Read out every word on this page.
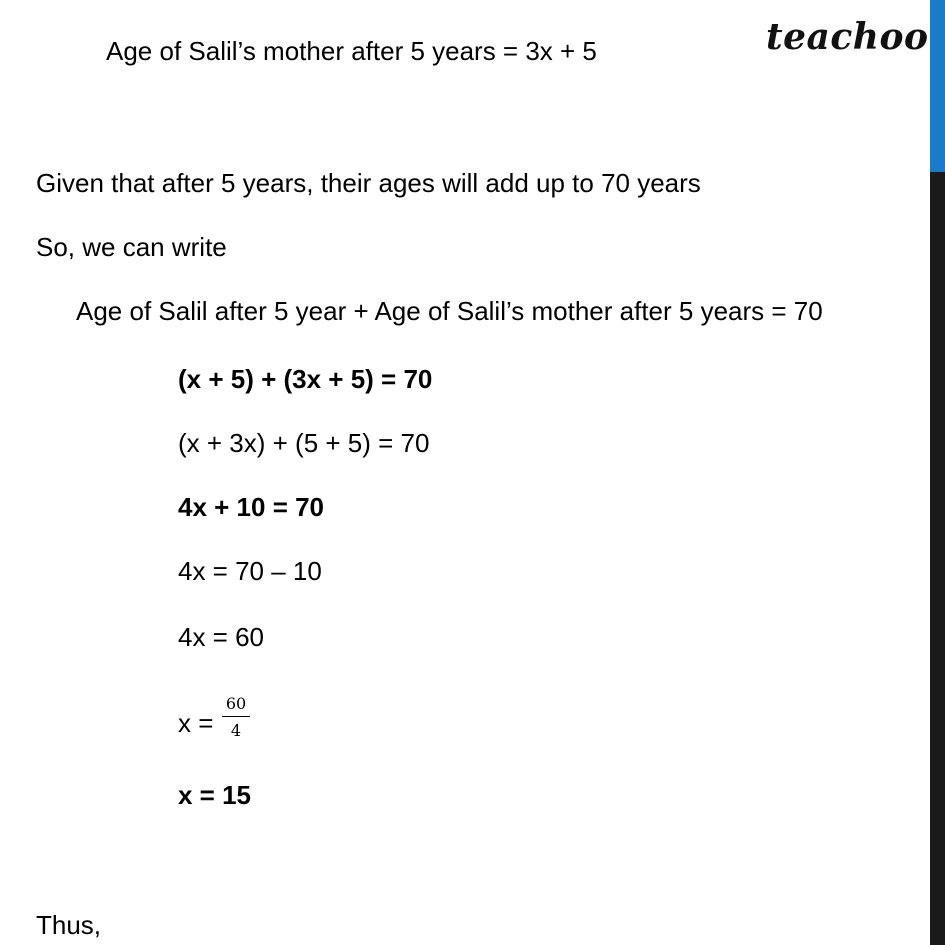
teachoo
Age of Salil’s mother after 5 years = 3x + 5
Given that after 5 years, their ages will add up to 70 years
So, we can write
Age of Salil after 5 year + Age of Salil’s mother after 5 years = 70
(x + 5) + (3x + 5) = 70
(x + 3x) + (5 + 5) = 70
4x + 10 = 70
4x = 70 – 10
4x = 60
x =
60
4
x = 15
Thus,
